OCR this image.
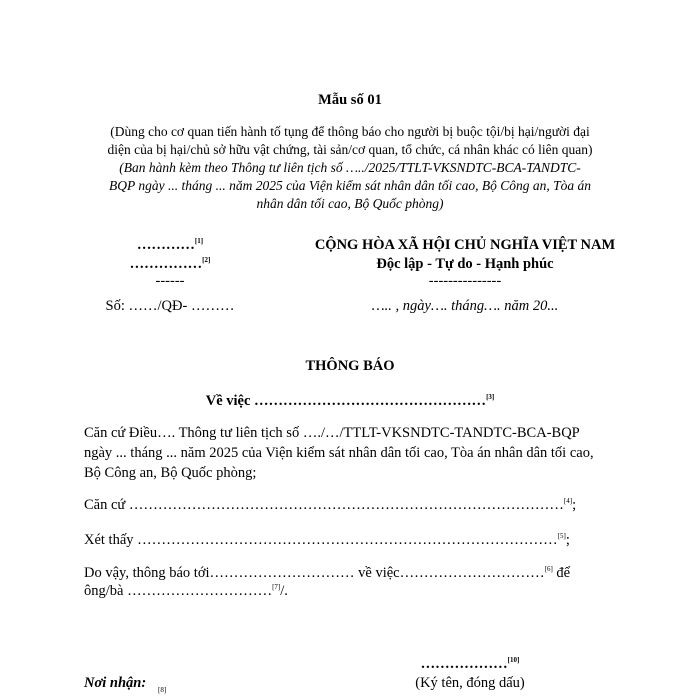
Mẫu số 01
(Dùng cho cơ quan tiến hành tố tụng để thông báo cho người bị buộc tội/bị hại/người đại
diện của bị hại/chủ sở hữu vật chứng, tài sản/cơ quan, tổ chức, cá nhân khác có liên quan)
(Ban hành kèm theo Thông tư liên tịch số …../2025/TTLT-VKSNDTC-BCA-TANDTC-
BQP ngày ... tháng ... năm 2025 của Viện kiểm sát nhân dân tối cao, Bộ Công an, Tòa án
nhân dân tối cao, Bộ Quốc phòng)
…………[1]
……………[2]
------
Số: ……/QĐ- ………
CỘNG HÒA XÃ HỘI CHỦ NGHĨA VIỆT NAM
Độc lập - Tự do - Hạnh phúc
---------------
….. , ngày…. tháng…. năm 20...
THÔNG BÁO
Về việc …………………………………………[3]
Căn cứ Điều…. Thông tư liên tịch số …./…/TTLT-VKSNDTC-TANDTC-BCA-BQP
ngày ... tháng ... năm 2025 của Viện kiểm sát nhân dân tối cao, Tòa án nhân dân tối cao,
Bộ Công an, Bộ Quốc phòng;
Căn cứ ………………………………………………………………………………[4];
Xét thấy ……………………………………………………………………………[5];
Do vậy, thông báo tới………………………… về việc…………………………[6] để
ông/bà …………………………[7]/.
………………[10]
(Ký tên, đóng dấu)
Nơi nhận: [8]
